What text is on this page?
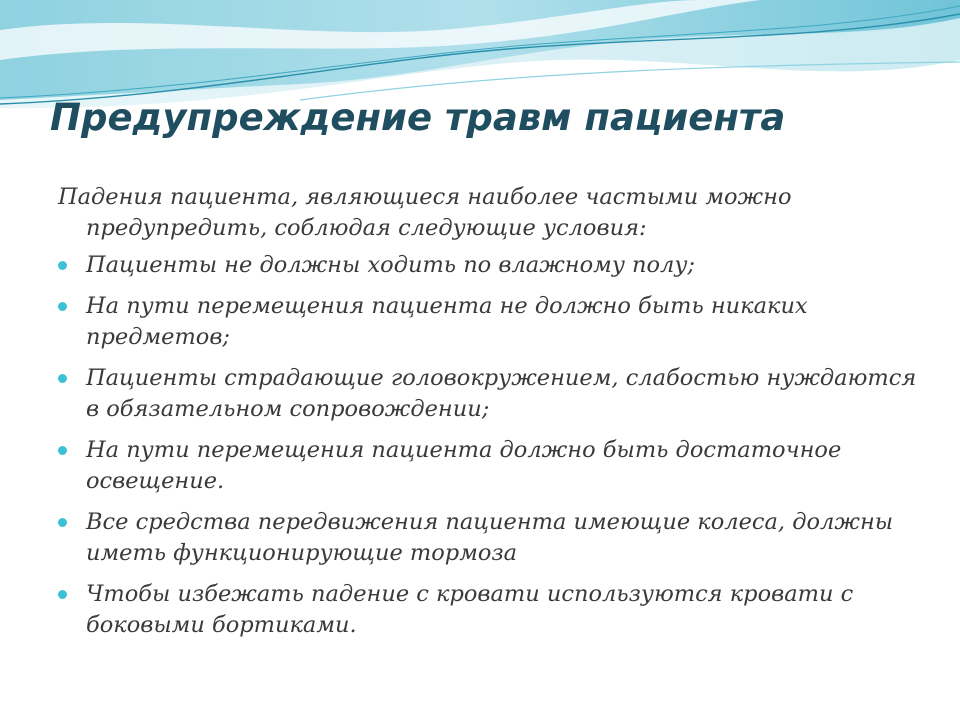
Предупреждение травм пациента

Падения пациента, являющиеся наиболее частыми можно предупредить, соблюдая следующие условия:

Пациенты не должны ходить по влажному полу;
На пути перемещения пациента не должно быть никаких предметов;
Пациенты страдающие головокружением, слабостью нуждаются в обязательном сопровождении;
На пути перемещения пациента должно быть достаточное освещение.
Все средства передвижения пациента имеющие колеса, должны иметь функционирующие тормоза
Чтобы избежать падение с кровати используются кровати с боковыми бортиками.
